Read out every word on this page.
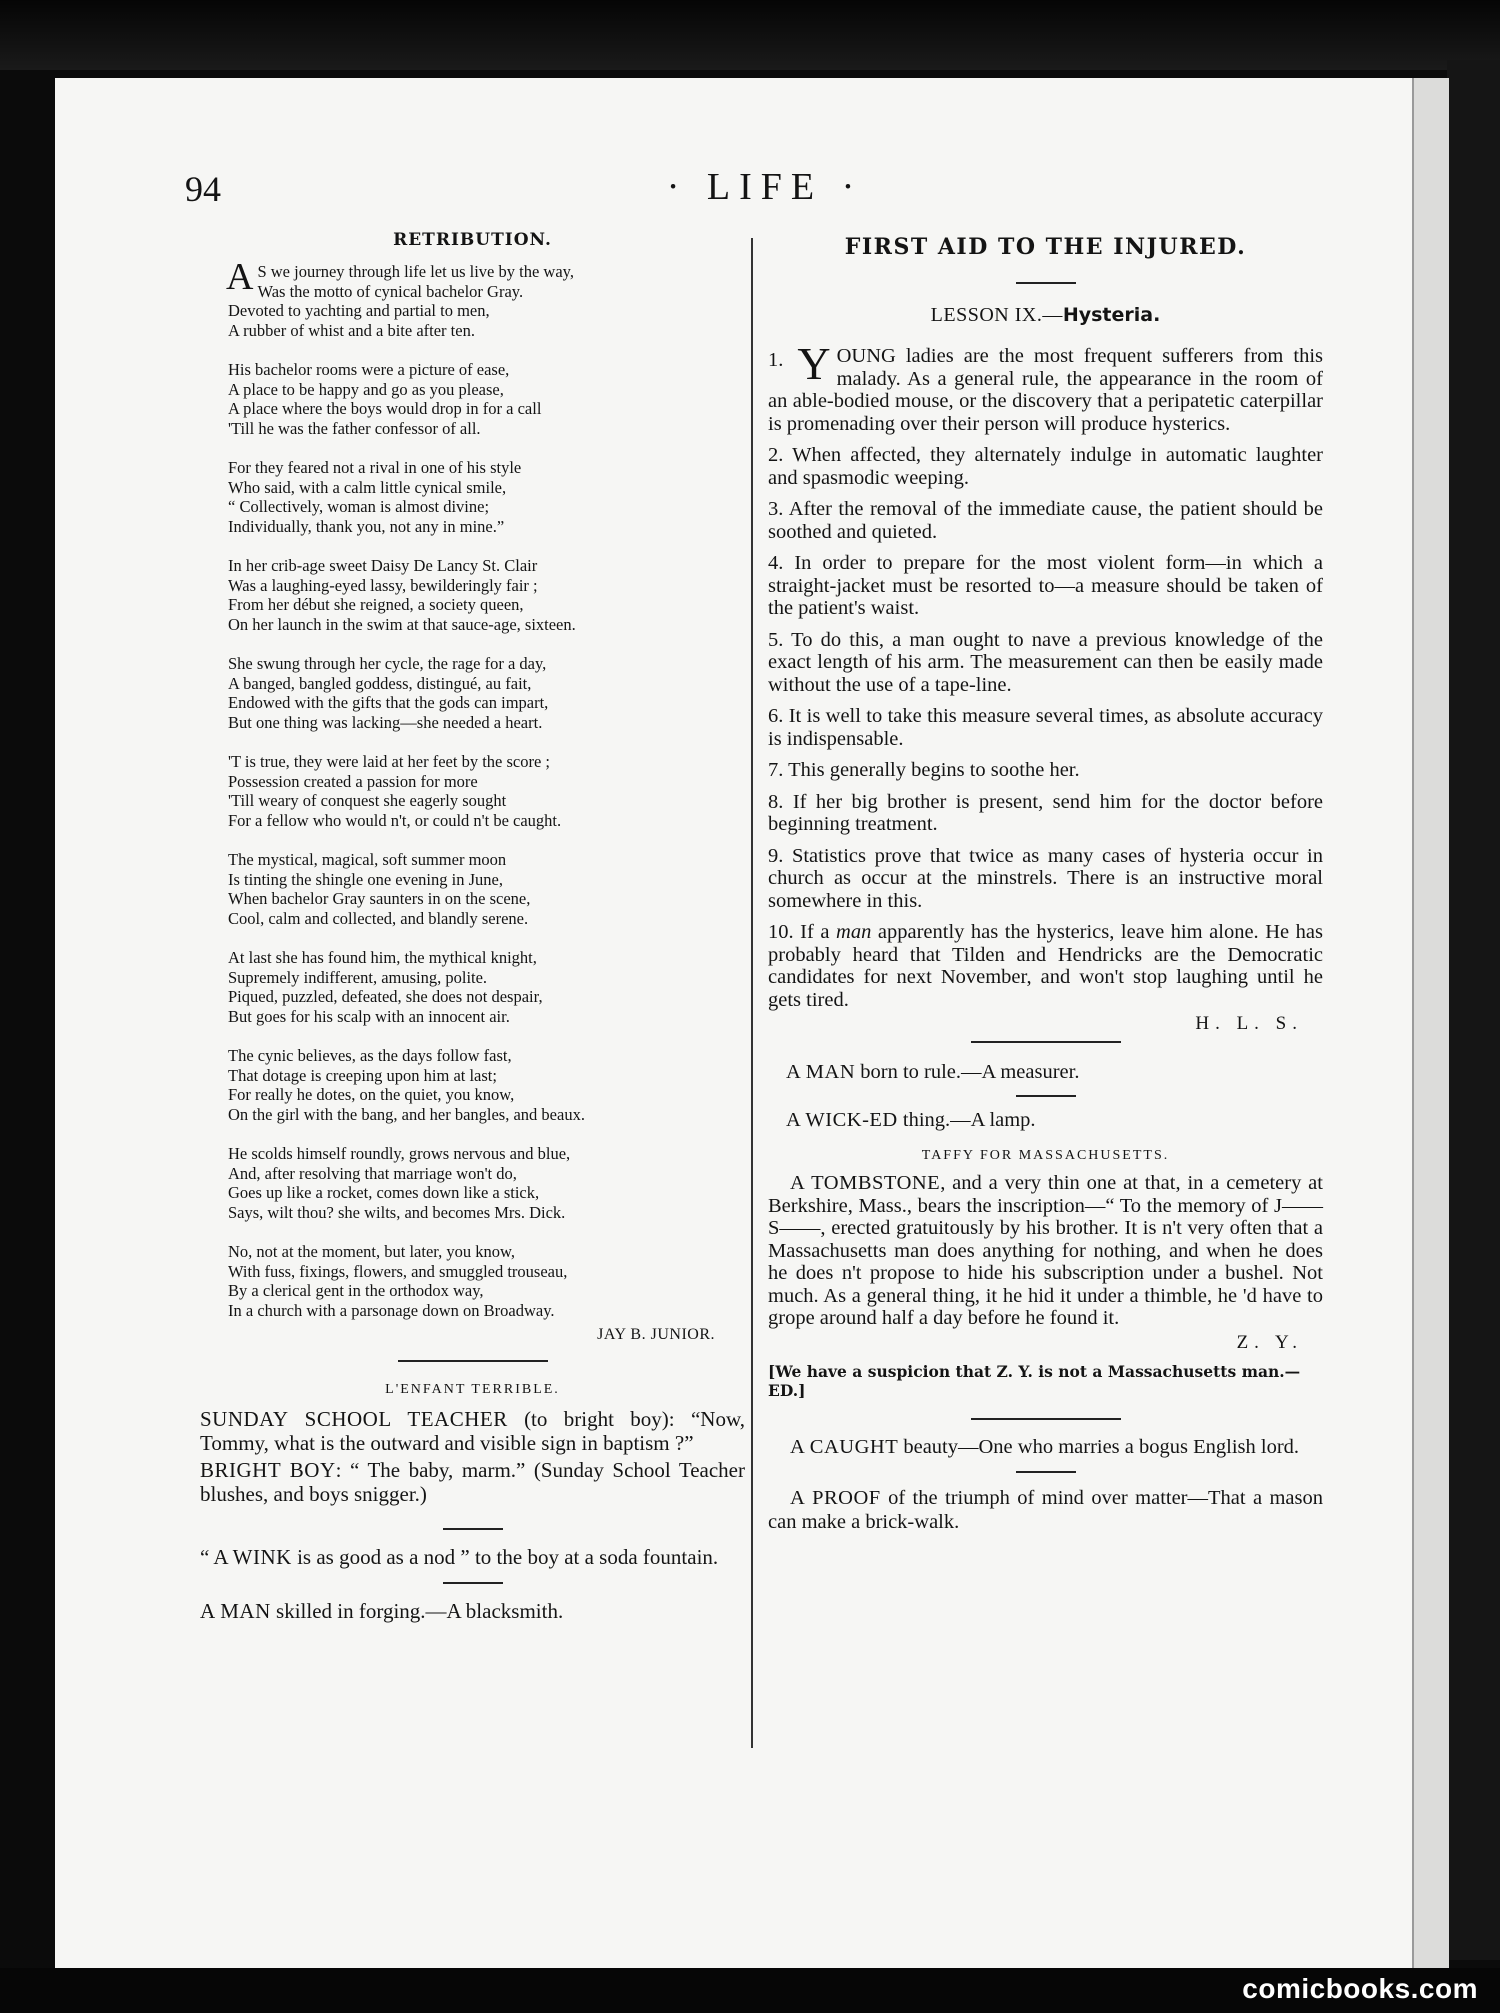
94	· LIFE ·
RETRIBUTION.
A S we journey through life let us live by the way,
Was the motto of cynical bachelor Gray.
Devoted to yachting and partial to men,
A rubber of whist and a bite after ten.
His bachelor rooms were a picture of ease,
A place to be happy and go as you please,
A place where the boys would drop in for a call
'Till he was the father confessor of all.
For they feared not a rival in one of his style
Who said, with a calm little cynical smile,
“ Collectively, woman is almost divine;
Individually, thank you, not any in mine.”
In her crib-age sweet Daisy De Lancy St. Clair
Was a laughing-eyed lassy, bewilderingly fair ;
From her début she reigned, a society queen,
On her launch in the swim at that sauce-age, sixteen.
She swung through her cycle, the rage for a day,
A banged, bangled goddess, distingué, au fait,
Endowed with the gifts that the gods can impart,
But one thing was lacking—she needed a heart.
'T is true, they were laid at her feet by the score ;
Possession created a passion for more
'Till weary of conquest she eagerly sought
For a fellow who would n't, or could n't be caught.
The mystical, magical, soft summer moon
Is tinting the shingle one evening in June,
When bachelor Gray saunters in on the scene,
Cool, calm and collected, and blandly serene.
At last she has found him, the mythical knight,
Supremely indifferent, amusing, polite.
Piqued, puzzled, defeated, she does not despair,
But goes for his scalp with an innocent air.
The cynic believes, as the days follow fast,
That dotage is creeping upon him at last;
For really he dotes, on the quiet, you know,
On the girl with the bang, and her bangles, and beaux.
He scolds himself roundly, grows nervous and blue,
And, after resolving that marriage won't do,
Goes up like a rocket, comes down like a stick,
Says, wilt thou? she wilts, and becomes Mrs. Dick.
No, not at the moment, but later, you know,
With fuss, fixings, flowers, and smuggled trouseau,
By a clerical gent in the orthodox way,
In a church with a parsonage down on Broadway.
JAY B. JUNIOR.
L'ENFANT TERRIBLE.

SUNDAY SCHOOL TEACHER (to bright boy): “Now, Tommy, what is the outward and visible sign in baptism ?”

BRIGHT BOY: “ The baby, marm.” (Sunday School Teacher blushes, and boys snigger.)

“ A WINK is as good as a nod ” to the boy at a soda fountain.

A MAN skilled in forging.—A blacksmith.

FIRST AID TO THE INJURED.
LESSON IX.—Hysteria.

1. Y OUNG ladies are the most frequent sufferers from this malady. As a general rule, the appearance in the room of an able-bodied mouse, or the discovery that a peripatetic caterpillar is promenading over their person will produce hysterics.

2. When affected, they alternately indulge in automatic laughter and spasmodic weeping.

3. After the removal of the immediate cause, the patient should be soothed and quieted.

4. In order to prepare for the most violent form—in which a straight-jacket must be resorted to—a measure should be taken of the patient's waist.

5. To do this, a man ought to nave a previous knowledge of the exact length of his arm. The measurement can then be easily made without the use of a tape-line.

6. It is well to take this measure several times, as absolute accuracy is indispensable.

7. This generally begins to soothe her.

8. If her big brother is present, send him for the doctor before beginning treatment.

9. Statistics prove that twice as many cases of hysteria occur in church as occur at the minstrels. There is an instructive moral somewhere in this.

10. If a man apparently has the hysterics, leave him alone. He has probably heard that Tilden and Hendricks are the Democratic candidates for next November, and won't stop laughing until he gets tired.

H. L. S.

A MAN born to rule.—A measurer.

A WICK-ED thing.—A lamp.

TAFFY FOR MASSACHUSETTS.

A TOMBSTONE, and a very thin one at that, in a cemetery at Berkshire, Mass., bears the inscription—“ To the memory of J—— S——, erected gratuitously by his brother. It is n't very often that a Massachusetts man does anything for nothing, and when he does he does n't propose to hide his subscription under a bushel. Not much. As a general thing, it he hid it under a thimble, he 'd have to grope around half a day before he found it.

Z. Y.
[We have a suspicion that Z. Y. is not a Massachusetts man.—ED.]

A CAUGHT beauty—One who marries a bogus English lord.

A PROOF of the triumph of mind over matter—That a mason can make a brick-walk.

comicbooks.com
